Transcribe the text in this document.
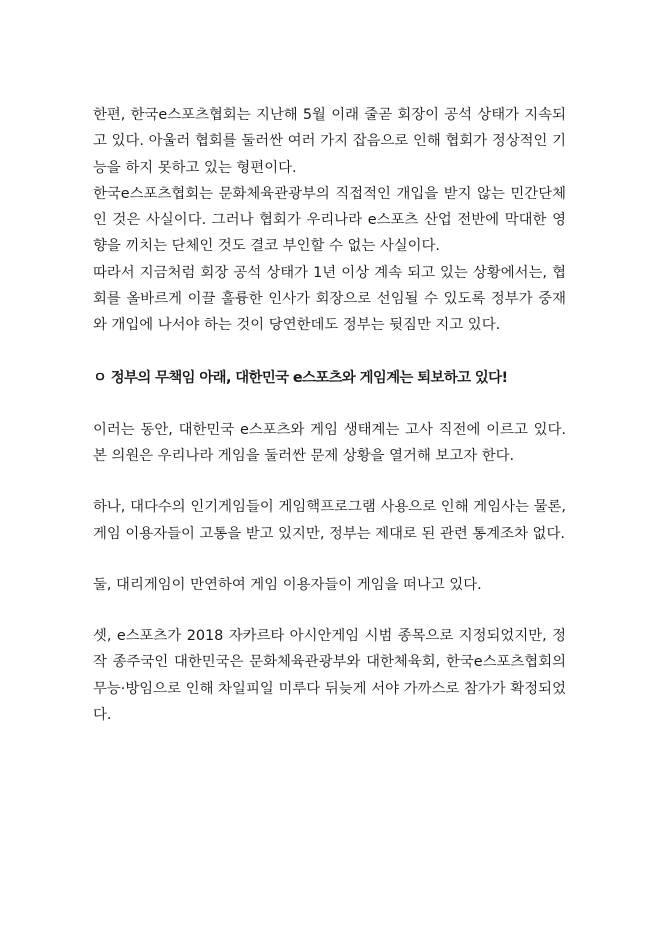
한편, 한국e스포츠협회는 지난해 5월 이래 줄곧 회장이 공석 상태가 지속되고 있다. 아울러 협회를 둘러싼 여러 가지 잡음으로 인해 협회가 정상적인 기능을 하지 못하고 있는 형편이다.

한국e스포츠협회는 문화체육관광부의 직접적인 개입을 받지 않는 민간단체인 것은 사실이다. 그러나 협회가 우리나라 e스포츠 산업 전반에 막대한 영향을 끼치는 단체인 것도 결코 부인할 수 없는 사실이다.

따라서 지금처럼 회장 공석 상태가 1년 이상 계속 되고 있는 상황에서는, 협회를 올바르게 이끌 훌륭한 인사가 회장으로 선임될 수 있도록 정부가 중재와 개입에 나서야 하는 것이 당연한데도 정부는 뒷짐만 지고 있다.

ㅇ 정부의 무책임 아래, 대한민국 e스포츠와 게임계는 퇴보하고 있다!

이러는 동안, 대한민국 e스포츠와 게임 생태계는 고사 직전에 이르고 있다. 본 의원은 우리나라 게임을 둘러싼 문제 상황을 열거해 보고자 한다.

하나, 대다수의 인기게임들이 게임핵프로그램 사용으로 인해 게임사는 물론, 게임 이용자들이 고통을 받고 있지만, 정부는 제대로 된 관련 통계조차 없다.

둘, 대리게임이 만연하여 게임 이용자들이 게임을 떠나고 있다.

셋, e스포츠가 2018 자카르타 아시안게임 시범 종목으로 지정되었지만, 정작 종주국인 대한민국은 문화체육관광부와 대한체육회, 한국e스포츠협회의 무능·방임으로 인해 차일피일 미루다 뒤늦게 서야 가까스로 참가가 확정되었다.
